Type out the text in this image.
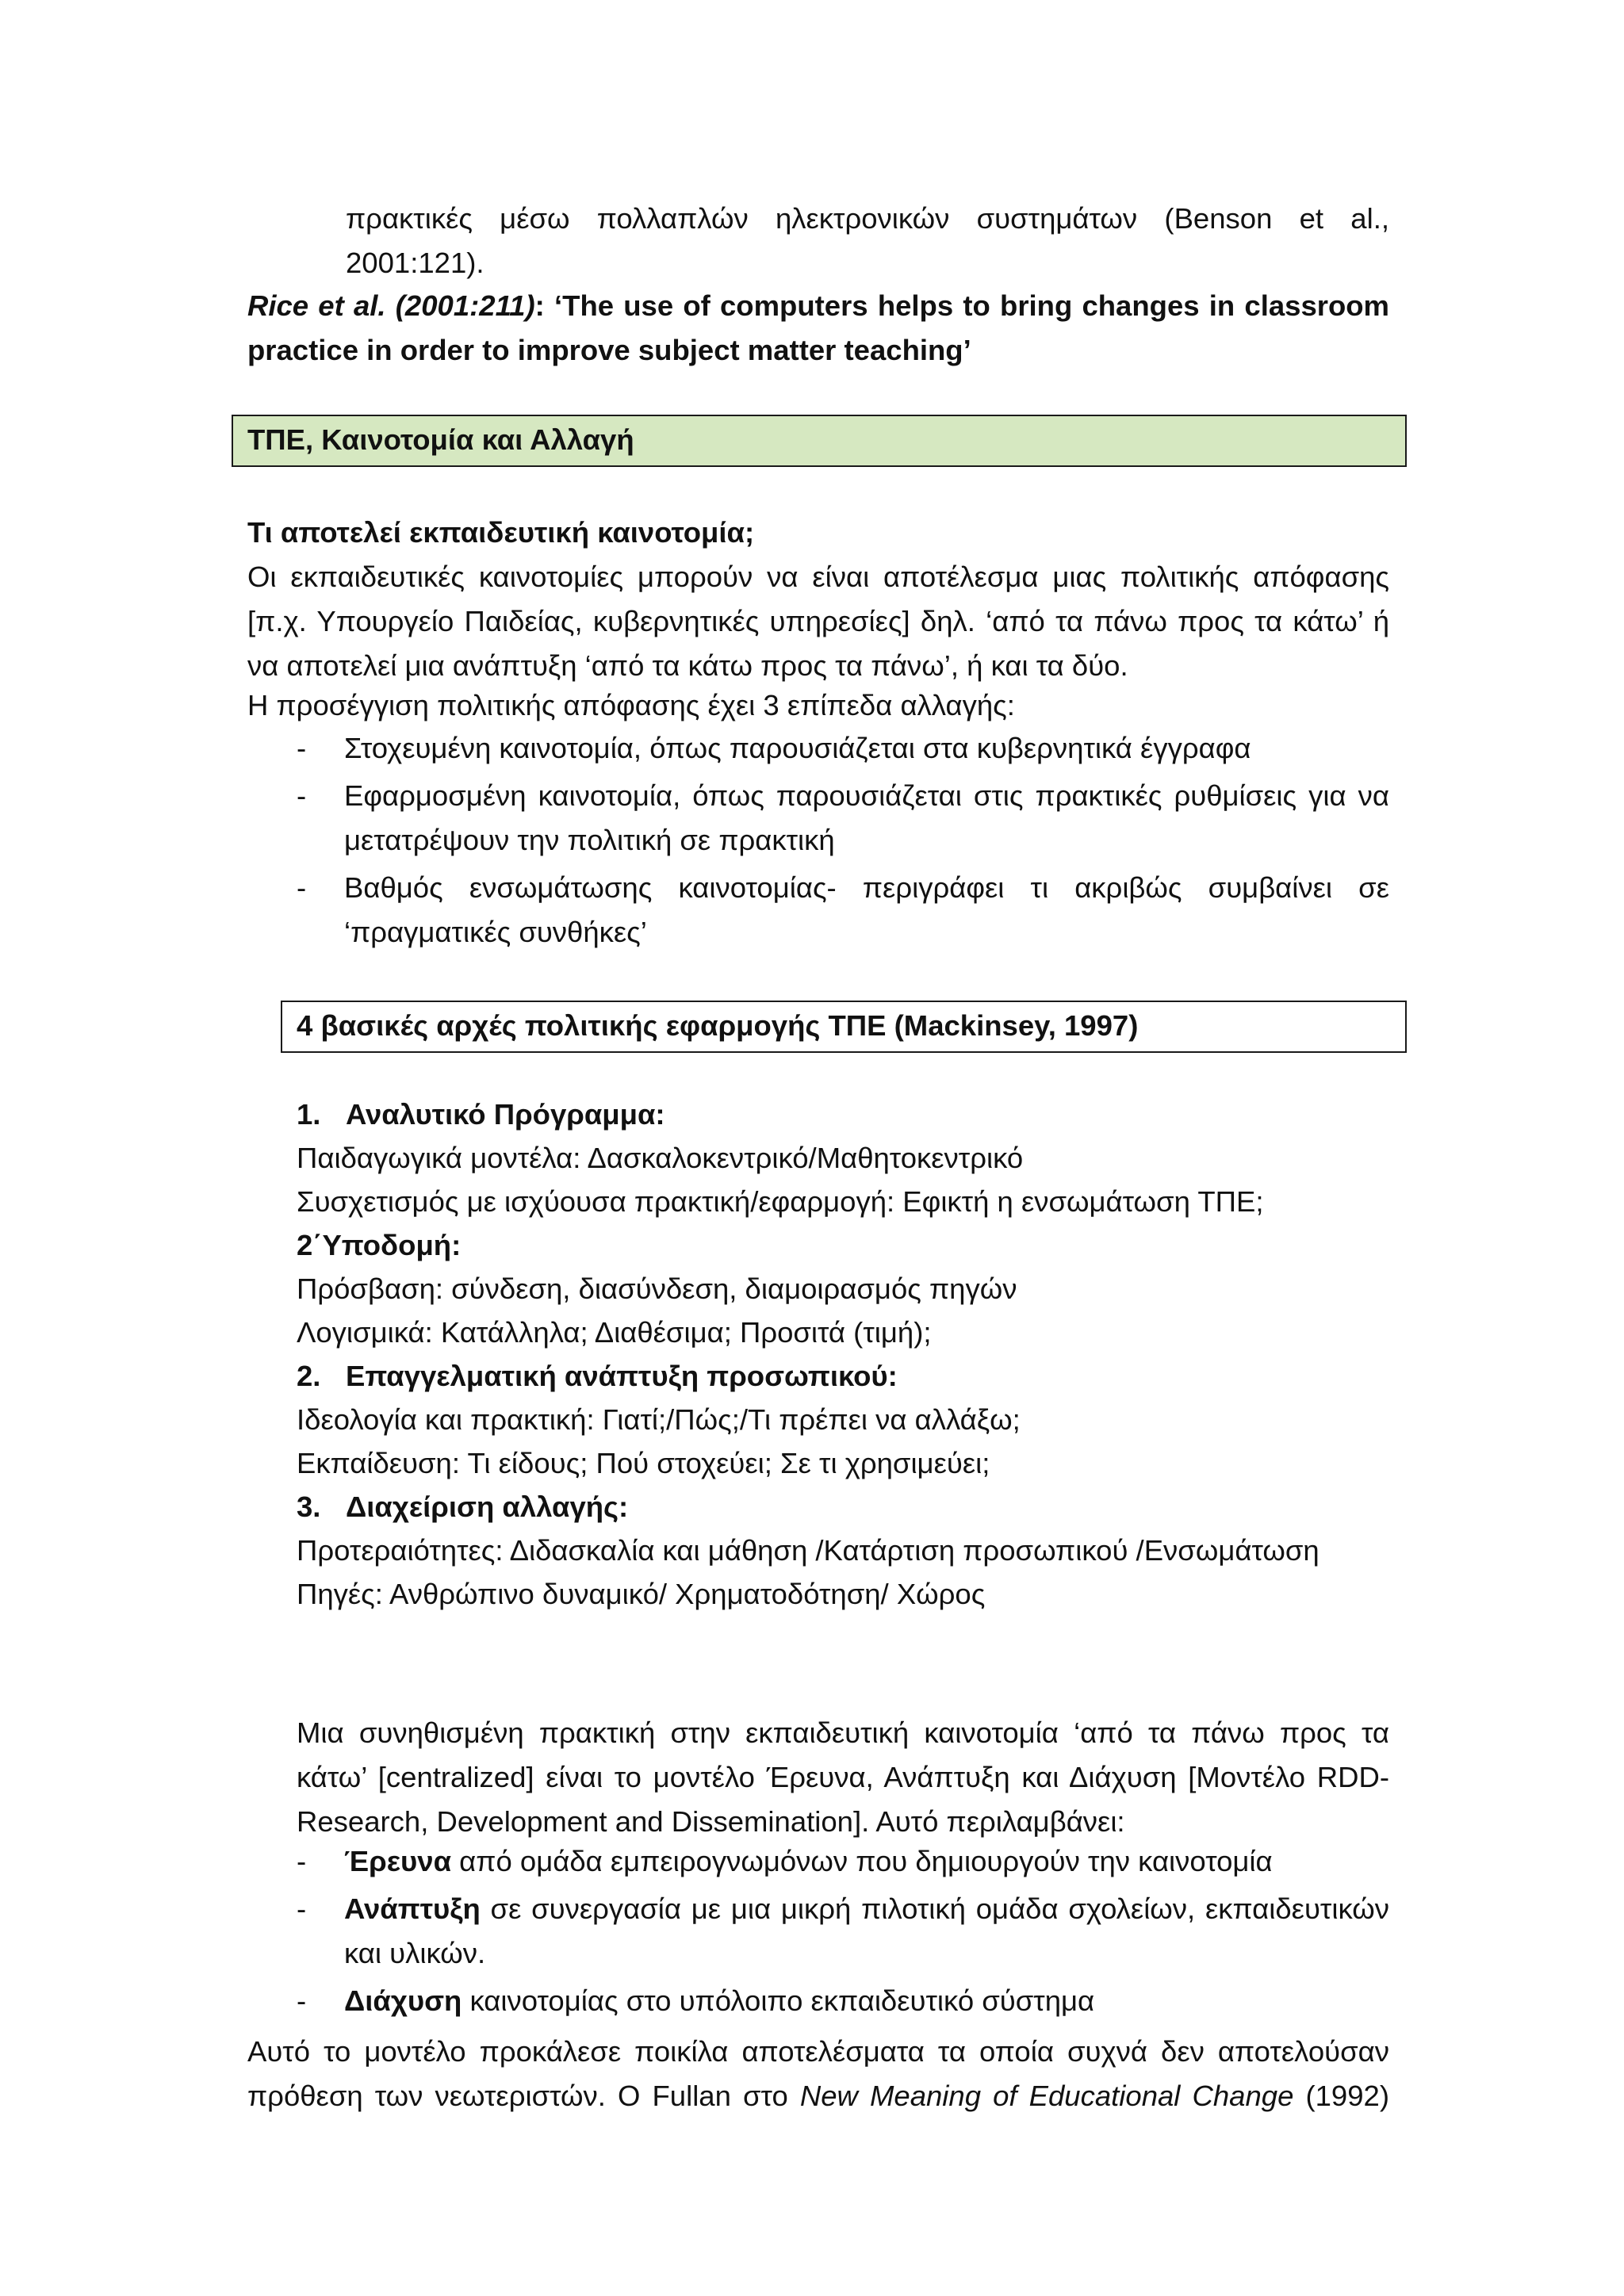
πρακτικές μέσω πολλαπλών ηλεκτρονικών συστημάτων (Benson et al.,
2001:121).
Rice et al. (2001:211): ‘The use of computers helps to bring changes in classroom practice in order to improve subject matter teaching’
ΤΠΕ, Καινοτομία και Αλλαγή
Τι αποτελεί εκπαιδευτική καινοτομία;
Οι εκπαιδευτικές καινοτομίες μπορούν να είναι αποτέλεσμα μιας πολιτικής απόφασης [π.χ. Υπουργείο Παιδείας, κυβερνητικές υπηρεσίες] δηλ. ‘από τα πάνω προς τα κάτω’ ή να αποτελεί μια ανάπτυξη ‘από τα κάτω προς τα πάνω’, ή και τα δύο.
Η προσέγγιση πολιτικής απόφασης έχει 3 επίπεδα αλλαγής:
- Στοχευμένη καινοτομία, όπως παρουσιάζεται στα κυβερνητικά έγγραφα
- Εφαρμοσμένη καινοτομία, όπως παρουσιάζεται στις πρακτικές ρυθμίσεις για να μετατρέψουν την πολιτική σε πρακτική
- Βαθμός ενσωμάτωσης καινοτομίας- περιγράφει τι ακριβώς συμβαίνει σε ‘πραγματικές συνθήκες’
4 βασικές αρχές πολιτικής εφαρμογής ΤΠΕ (Mackinsey, 1997)
1. Αναλυτικό Πρόγραμμα:
Παιδαγωγικά μοντέλα: Δασκαλοκεντρικό/Μαθητοκεντρικό
Συσχετισμός με ισχύουσα πρακτική/εφαρμογή: Εφικτή η ενσωμάτωση ΤΠΕ;
2΄Υποδομή:
Πρόσβαση: σύνδεση, διασύνδεση, διαμοιρασμός πηγών
Λογισμικά: Κατάλληλα; Διαθέσιμα; Προσιτά (τιμή);
2. Επαγγελματική ανάπτυξη προσωπικού:
Ιδεολογία και πρακτική: Γιατί;/Πώς;/Τι πρέπει να αλλάξω;
Εκπαίδευση: Τι είδους; Πού στοχεύει; Σε τι χρησιμεύει;
3. Διαχείριση αλλαγής:
Προτεραιότητες: Διδασκαλία και μάθηση /Κατάρτιση προσωπικού /Ενσωμάτωση
Πηγές: Ανθρώπινο δυναμικό/ Χρηματοδότηση/ Χώρος
Μια συνηθισμένη πρακτική στην εκπαιδευτική καινοτομία ‘από τα πάνω προς τα κάτω’ [centralized] είναι το μοντέλο Έρευνα, Ανάπτυξη και Διάχυση [Μοντέλο RDD- Research, Development and Dissemination]. Αυτό περιλαμβάνει:
- Έρευνα από ομάδα εμπειρογνωμόνων που δημιουργούν την καινοτομία
- Ανάπτυξη σε συνεργασία με μια μικρή πιλοτική ομάδα σχολείων, εκπαιδευτικών και υλικών.
- Διάχυση καινοτομίας στο υπόλοιπο εκπαιδευτικό σύστημα
Αυτό το μοντέλο προκάλεσε ποικίλα αποτελέσματα τα οποία συχνά δεν αποτελούσαν πρόθεση των νεωτεριστών. Ο Fullan στο New Meaning of Educational Change (1992)
